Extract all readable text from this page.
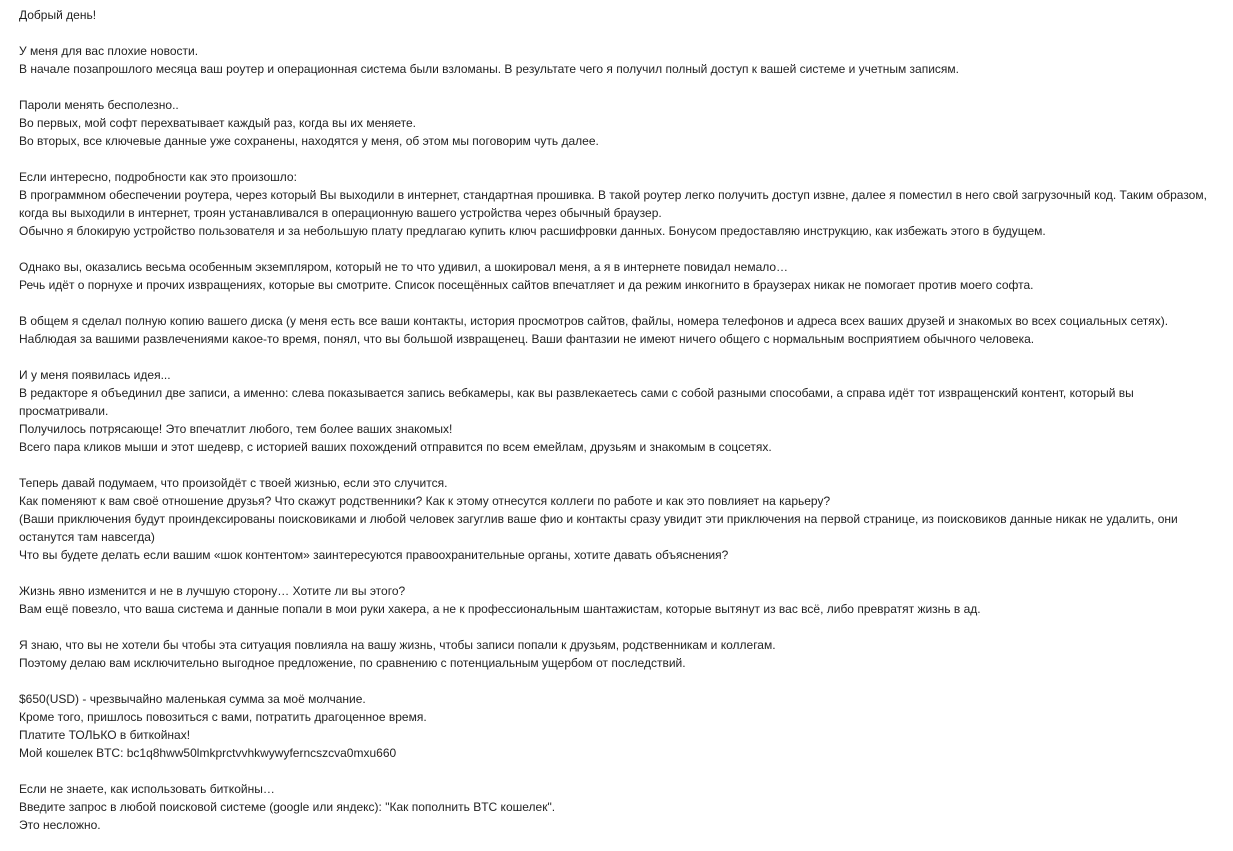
Добрый день!
У меня для вас плохие новости.
В начале позапрошлого месяца ваш роутер и операционная система были взломаны. В результате чего я получил полный доступ к вашей системе и учетным записям.
Пароли менять бесполезно..
Во первых, мой софт перехватывает каждый раз, когда вы их меняете.
Во вторых, все ключевые данные уже сохранены, находятся у меня, об этом мы поговорим чуть далее.
Если интересно, подробности как это произошло:
В программном обеспечении роутера, через который Вы выходили в интернет, стандартная прошивка. В такой роутер легко получить доступ извне, далее я поместил в него свой загрузочный код. Таким образом, когда вы выходили в интернет, троян устанавливался в операционную вашего устройства через обычный браузер.
Обычно я блокирую устройство пользователя и за небольшую плату предлагаю купить ключ расшифровки данных. Бонусом предоставляю инструкцию, как избежать этого в будущем.
Однако вы, оказались весьма особенным экземпляром, который не то что удивил, а шокировал меня, а я в интернете повидал немало…
Речь идёт о порнухе и прочих извращениях, которые вы смотрите. Список посещённых сайтов впечатляет и да режим инкогнито в браузерах никак не помогает против моего софта.
В общем я сделал полную копию вашего диска (у меня есть все ваши контакты, история просмотров сайтов, файлы, номера телефонов и адреса всех ваших друзей и знакомых во всех социальных сетях).
Наблюдая за вашими развлечениями какое-то время, понял, что вы большой извращенец. Ваши фантазии не имеют ничего общего с нормальным восприятием обычного человека.
И у меня появилась идея...
В редакторе я объединил две записи, а именно: слева показывается запись вебкамеры, как вы развлекаетесь сами с собой разными способами, а справа идёт тот извращенский контент, который вы просматривали.
Получилось потрясающе! Это впечатлит любого, тем более ваших знакомых!
Всего пара кликов мыши и этот шедевр, с историей ваших похождений отправится по всем емейлам, друзьям и знакомым в соцсетях.
Теперь давай подумаем, что произойдёт с твоей жизнью, если это случится.
Как поменяют к вам своё отношение друзья? Что скажут родственники? Как к этому отнесутся коллеги по работе и как это повлияет на карьеру?
(Ваши приключения будут проиндексированы поисковиками и любой человек загуглив ваше фио и контакты сразу увидит эти приключения на первой странице, из поисковиков данные никак не удалить, они останутся там навсегда)
Что вы будете делать если вашим «шок контентом» заинтересуются правоохранительные органы, хотите давать объяснения?
Жизнь явно изменится и не в лучшую сторону… Хотите ли вы этого?
Вам ещё повезло, что ваша система и данные попали в мои руки хакера, а не к профессиональным шантажистам, которые вытянут из вас всё, либо превратят жизнь в ад.
Я знаю, что вы не хотели бы чтобы эта ситуация повлияла на вашу жизнь, чтобы записи попали к друзьям, родственникам и коллегам.
Поэтому делаю вам исключительно выгодное предложение, по сравнению с потенциальным ущербом от последствий.
$650(USD) - чрезвычайно маленькая сумма за моё молчание.
Кроме того, пришлось повозиться с вами, потратить драгоценное время.
Платите ТОЛЬКО в биткойнах!
Мой кошелек BTC: bc1q8hww50lmkprctvvhkwywyferncszcva0mxu660
Если не знаете, как использовать биткойны…
Введите запрос в любой поисковой системе (google или яндекс): "Как пополнить BTC кошелек".
Это несложно.
